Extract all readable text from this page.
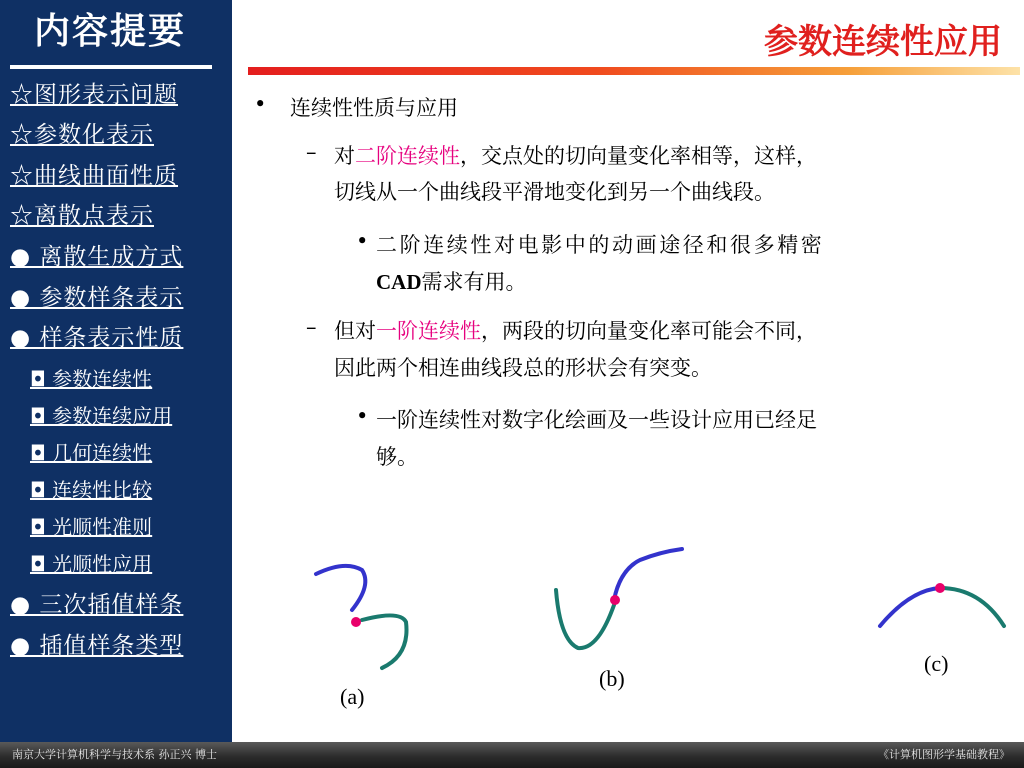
内容提要
☆图形表示问题
☆参数化表示
☆曲线曲面性质
☆离散点表示
● 离散生成方式
● 参数样条表示
● 样条表示性质
◘ 参数连续性
◘ 参数连续应用
◘ 几何连续性
◘ 连续性比较
◘ 光顺性准则
◘ 光顺性应用
● 三次插值样条
● 插值样条类型
参数连续性应用
• 连续性性质与应用
– 对二阶连续性，交点处的切向量变化率相等，这样，
切线从一个曲线段平滑地变化到另一个曲线段。
• 二阶连续性对电影中的动画途径和很多精密
CAD需求有用。
– 但对一阶连续性，两段的切向量变化率可能会不同，
因此两个相连曲线段总的形状会有突变。
• 一阶连续性对数字化绘画及一些设计应用已经足
够。
(a)
(b)
(c)
南京大学计算机科学与技术系 孙正兴 博士	《计算机图形学基础教程》
